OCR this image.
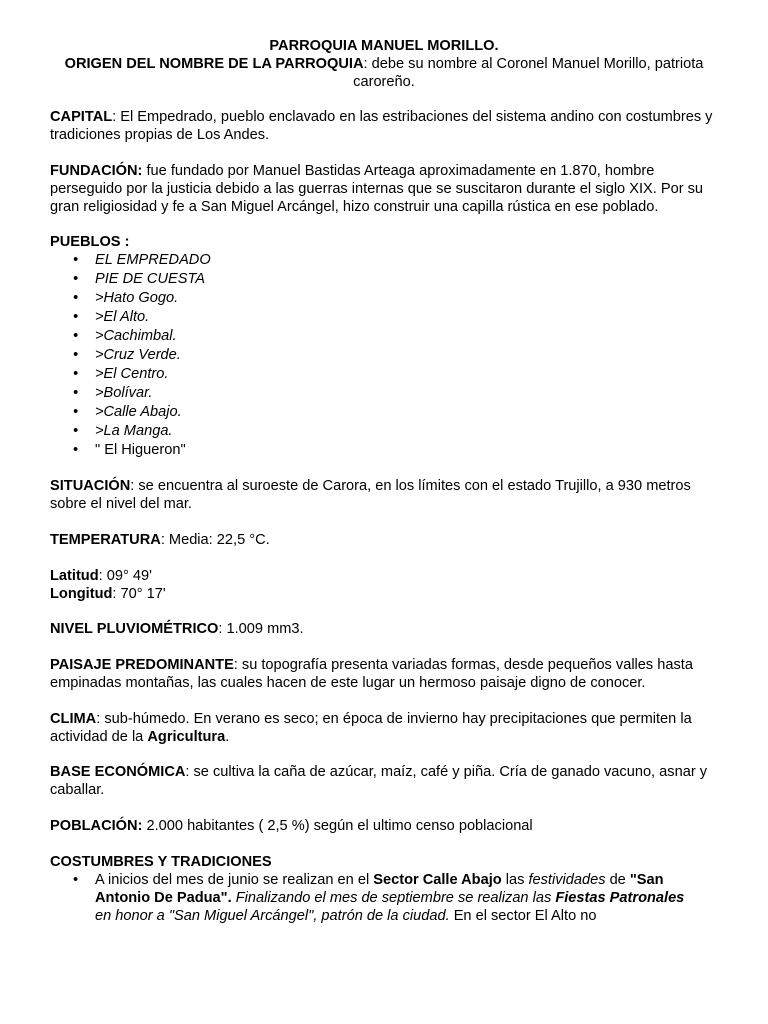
PARROQUIA MANUEL MORILLO.
ORIGEN DEL NOMBRE DE LA PARROQUIA: debe su nombre al Coronel Manuel Morillo, patriota caroreño.
CAPITAL: El Empedrado, pueblo enclavado en las estribaciones del sistema andino con costumbres y tradiciones propias de Los Andes.
FUNDACIÓN: fue fundado por Manuel Bastidas Arteaga aproximadamente en 1.870, hombre perseguido por la justicia debido a las guerras internas que se suscitaron durante el siglo XIX. Por su gran religiosidad y fe a San Miguel Arcángel, hizo construir una capilla rústica en ese poblado.
PUEBLOS :
• EL EMPREDADO
• PIE DE CUESTA
• >Hato Gogo.
• >El Alto.
• >Cachimbal.
• >Cruz Verde.
• >El Centro.
• >Bolívar.
• >Calle Abajo.
• >La Manga.
• " El Higueron"
SITUACIÓN: se encuentra al suroeste de Carora, en los límites con el estado Trujillo, a 930 metros sobre el nivel del mar.
TEMPERATURA: Media: 22,5 °C.
Latitud: 09° 49'
Longitud: 70° 17'
NIVEL PLUVIOMÉTRICO: 1.009 mm3.
PAISAJE PREDOMINANTE: su topografía presenta variadas formas, desde pequeños valles hasta empinadas montañas, las cuales hacen de este lugar un hermoso paisaje digno de conocer.
CLIMA: sub-húmedo. En verano es seco; en época de invierno hay precipitaciones que permiten la actividad de la Agricultura.
BASE ECONÓMICA: se cultiva la caña de azúcar, maíz, café y piña. Cría de ganado vacuno, asnar y caballar.
POBLACIÓN: 2.000 habitantes ( 2,5 %) según el ultimo censo poblacional
COSTUMBRES Y TRADICIONES
• A inicios del mes de junio se realizan en el Sector Calle Abajo las festividades de "San Antonio De Padua". Finalizando el mes de septiembre se realizan las Fiestas Patronales en honor a "San Miguel Arcángel", patrón de la ciudad. En el sector El Alto no
